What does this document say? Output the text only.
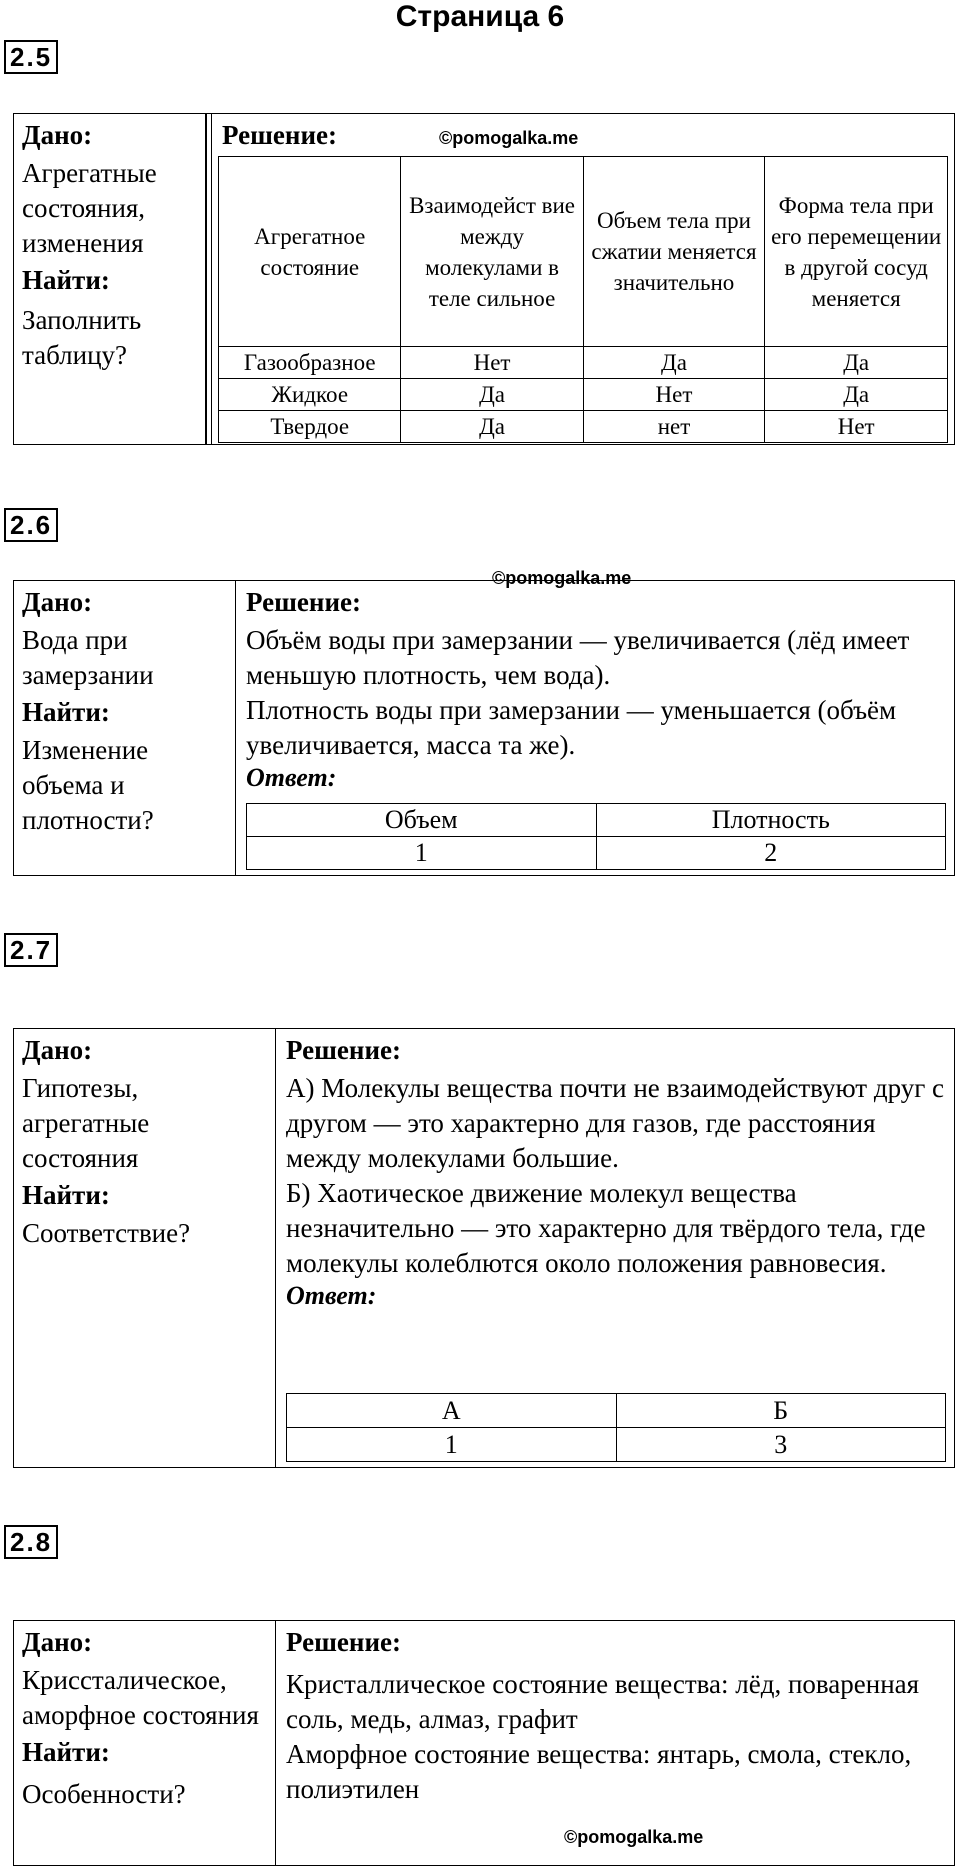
Страница 6
2.5
Дано:
Агрегатные состояния, изменения
Найти:
Заполнить таблицу?
Решение:	©pomogalka.me
Агрегатное состояние	Взаимодейст вие между молекулами в теле сильное	Объем тела при сжатии меняется значительно	Форма тела при его перемещении в другой сосуд меняется
Газообразное	Нет	Да	Да
Жидкое	Да	Нет	Да
Твердое	Да	нет	Нет
2.6
©pomogalka.me
Дано:
Вода при замерзании
Найти:
Изменение объема и плотности?
Решение:
Объём воды при замерзании — увеличивается (лёд имеет меньшую плотность, чем вода).
Плотность воды при замерзании — уменьшается (объём увеличивается, масса та же).
Ответ:
Объем	Плотность
1	2
2.7
Дано:
Гипотезы, агрегатные состояния
Найти:
Соответствие?
Решение:
А) Молекулы вещества почти не взаимодействуют друг с другом — это характерно для газов, где расстояния между молекулами большие.
Б) Хаотическое движение молекул вещества незначительно — это характерно для твёрдого тела, где молекулы колеблются около положения равновесия.
Ответ:
А	Б
1	3
2.8
Дано:
Криссталическое, аморфное состояния
Найти:
Особенности?
Решение:
Кристаллическое состояние вещества: лёд, поваренная соль, медь, алмаз, графит
Аморфное состояние вещества: янтарь, смола, стекло, полиэтилен
©pomogalka.me
